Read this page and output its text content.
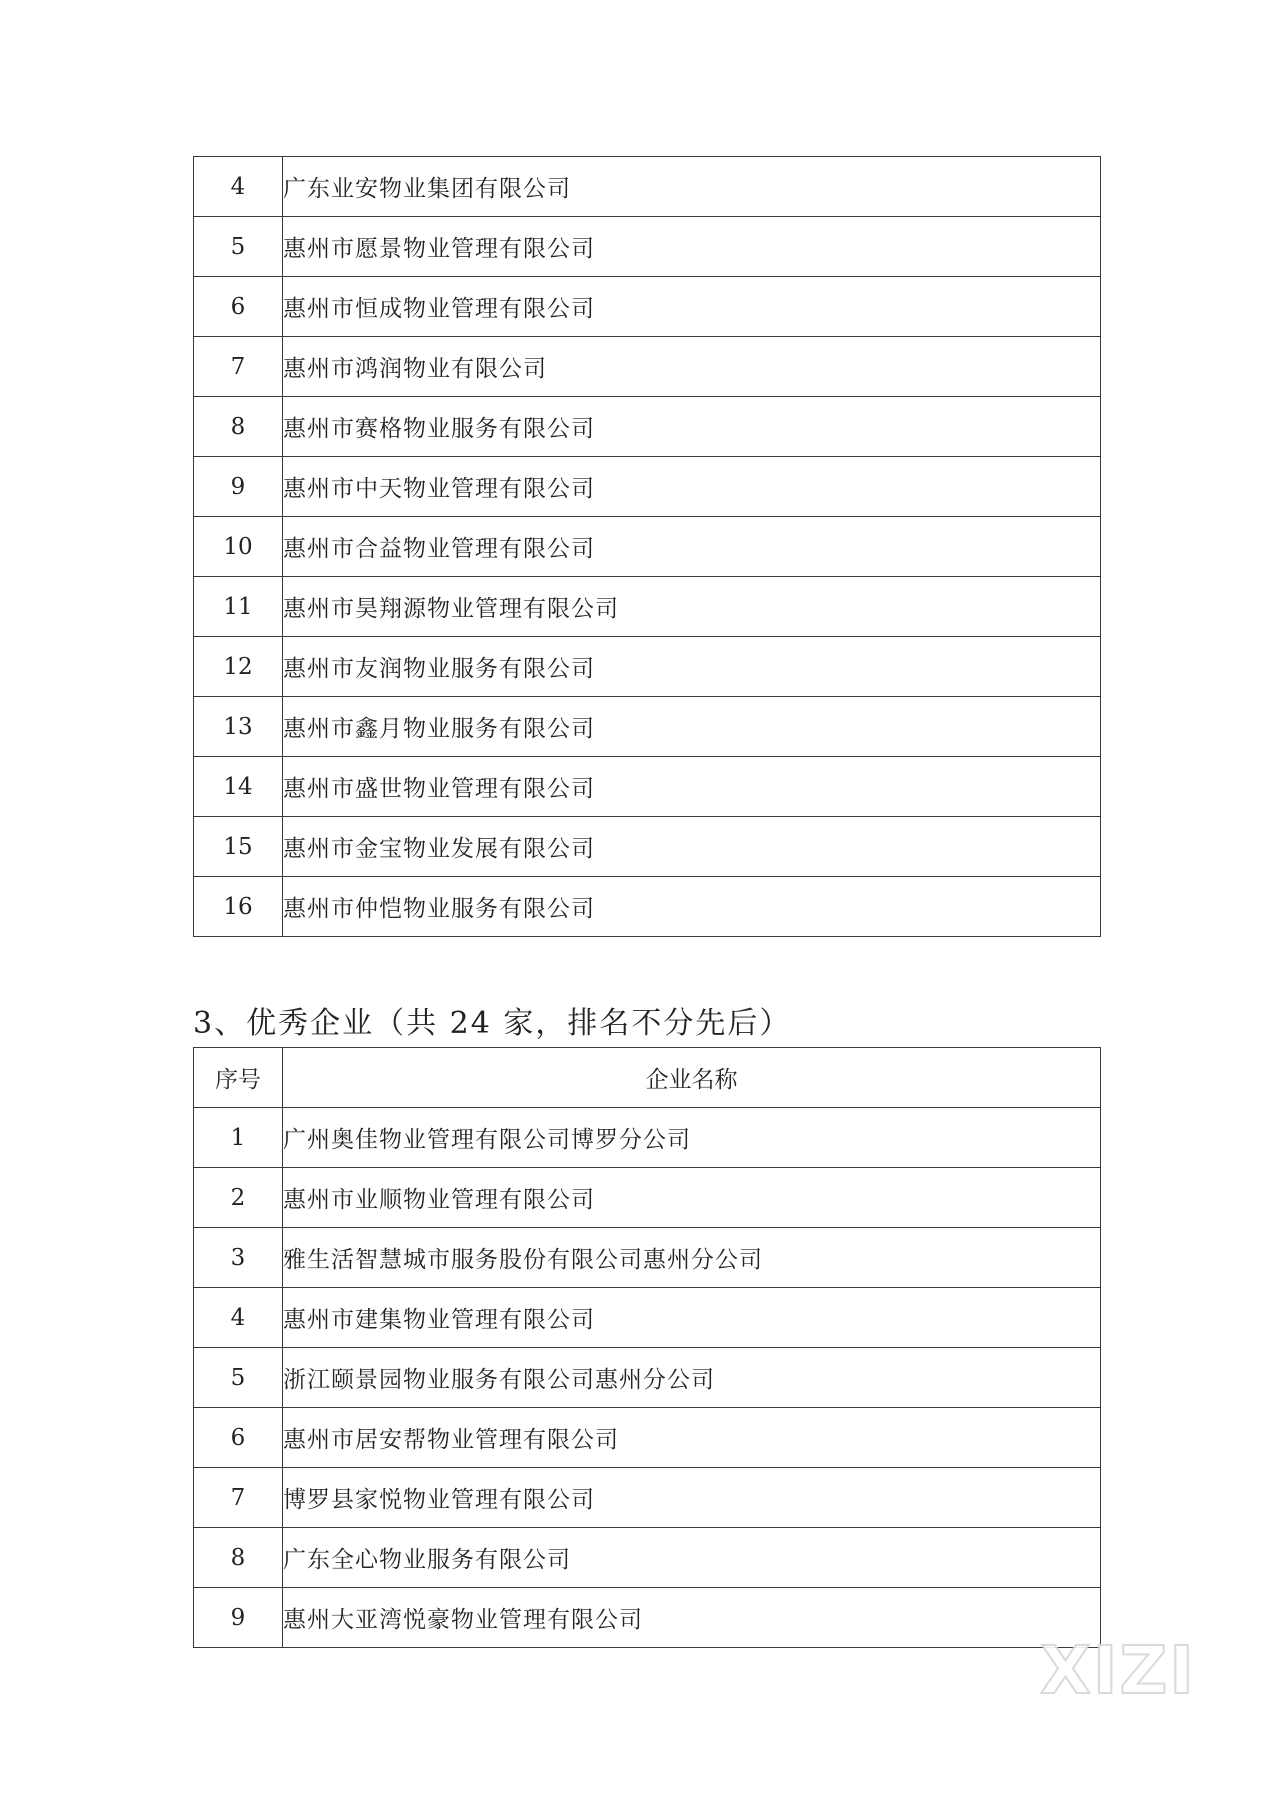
4	广东业安物业集团有限公司
5	惠州市愿景物业管理有限公司
6	惠州市恒成物业管理有限公司
7	惠州市鸿润物业有限公司
8	惠州市赛格物业服务有限公司
9	惠州市中天物业管理有限公司
10	惠州市合益物业管理有限公司
11	惠州市昊翔源物业管理有限公司
12	惠州市友润物业服务有限公司
13	惠州市鑫月物业服务有限公司
14	惠州市盛世物业管理有限公司
15	惠州市金宝物业发展有限公司
16	惠州市仲恺物业服务有限公司
3、优秀企业（共 24 家，排名不分先后）
序号	企业名称
1	广州奥佳物业管理有限公司博罗分公司
2	惠州市业顺物业管理有限公司
3	雅生活智慧城市服务股份有限公司惠州分公司
4	惠州市建集物业管理有限公司
5	浙江颐景园物业服务有限公司惠州分公司
6	惠州市居安帮物业管理有限公司
7	博罗县家悦物业管理有限公司
8	广东全心物业服务有限公司
9	惠州大亚湾悦豪物业管理有限公司
XIZI
